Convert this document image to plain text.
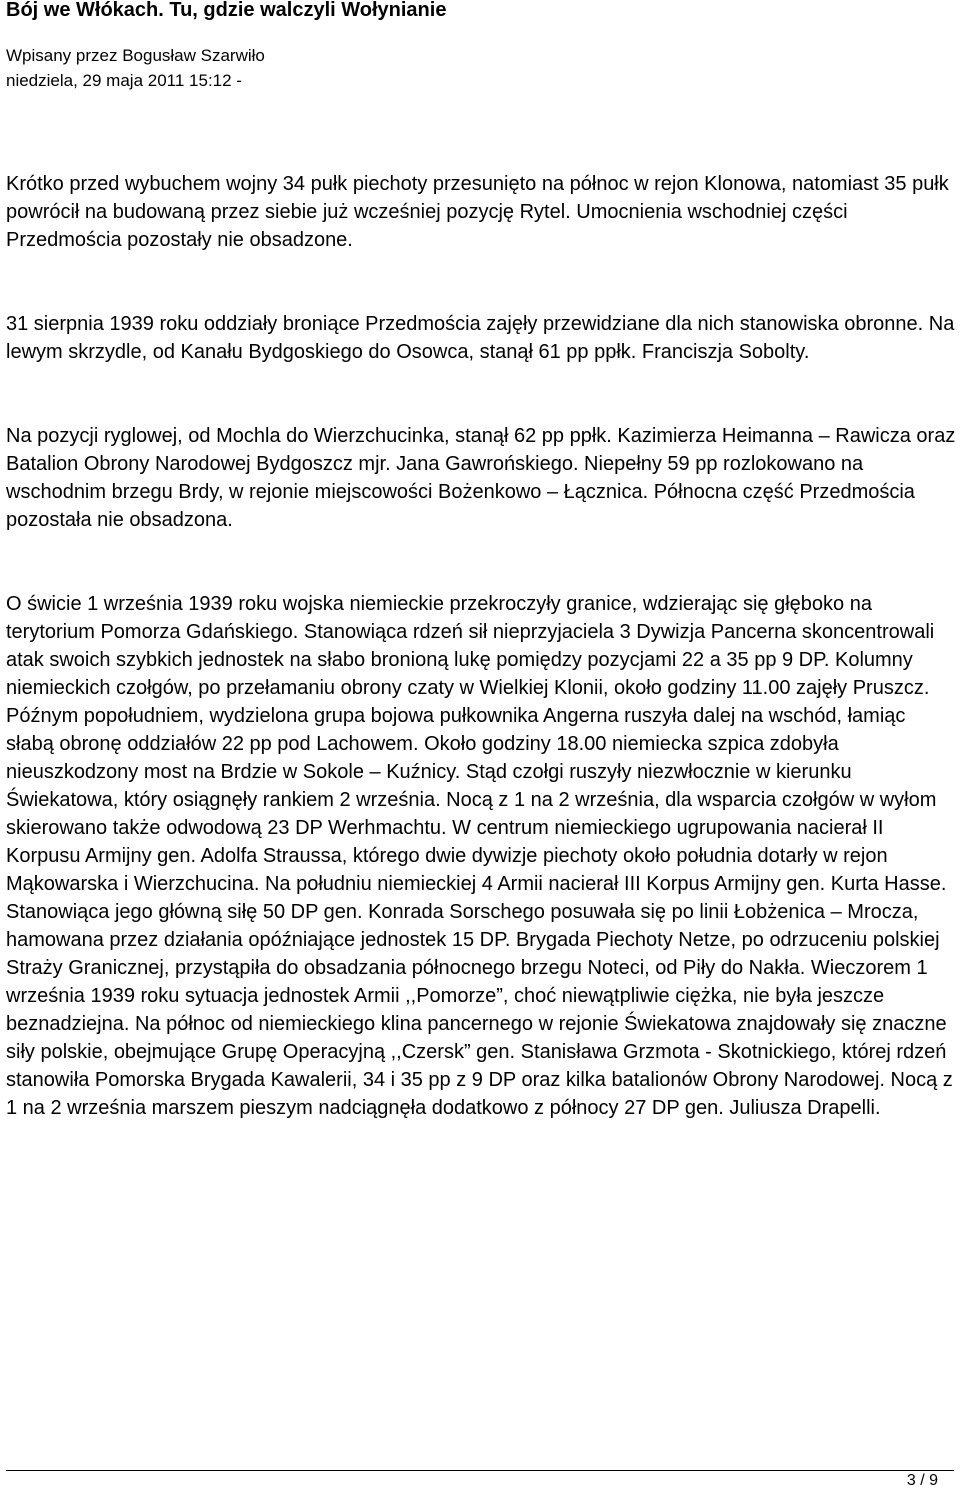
Bój we Włókach. Tu, gdzie walczyli Wołynianie
Wpisany przez Bogusław Szarwiło
niedziela, 29 maja 2011 15:12 -

Krótko przed wybuchem wojny 34 pułk piechoty przesunięto na północ w rejon Klonowa, natomiast 35 pułk powrócił na budowaną przez siebie już wcześniej pozycję Rytel. Umocnienia wschodniej części Przedmościa pozostały nie obsadzone.

31 sierpnia 1939 roku oddziały broniące Przedmościa zajęły przewidziane dla nich stanowiska obronne. Na lewym skrzydle, od Kanału Bydgoskiego do Osowca, stanął 61 pp ppłk. Franciszja Sobolty.

Na pozycji ryglowej, od Mochla do Wierzchucinka, stanął 62 pp ppłk. Kazimierza Heimanna – Rawicza oraz Batalion Obrony Narodowej Bydgoszcz mjr. Jana Gawrońskiego. Niepełny 59 pp rozlokowano na wschodnim brzegu Brdy, w rejonie miejscowości Bożenkowo – Łącznica. Północna część Przedmościa pozostała nie obsadzona.

O świcie 1 września 1939 roku wojska niemieckie przekroczyły granice, wdzierając się głęboko na terytorium Pomorza Gdańskiego. Stanowiąca rdzeń sił nieprzyjaciela 3 Dywizja Pancerna skoncentrowali atak swoich szybkich jednostek na słabo bronioną lukę pomiędzy pozycjami 22 a 35 pp 9 DP. Kolumny niemieckich czołgów, po przełamaniu obrony czaty w Wielkiej Klonii, około godziny 11.00 zajęły Pruszcz. Późnym popołudniem, wydzielona grupa bojowa pułkownika Angerna ruszyła dalej na wschód, łamiąc słabą obronę oddziałów 22 pp pod Lachowem. Około godziny 18.00 niemiecka szpica zdobyła nieuszkodzony most na Brdzie w Sokole – Kuźnicy. Stąd czołgi ruszyły niezwłocznie w kierunku Świekatowa, który osiągnęły rankiem 2 września. Nocą z 1 na 2 września, dla wsparcia czołgów w wyłom skierowano także odwodową 23 DP Werhmachtu. W centrum niemieckiego ugrupowania nacierał II Korpusu Armijny gen. Adolfa Straussa, którego dwie dywizje piechoty około południa dotarły w rejon Mąkowarska i Wierzchucina. Na południu niemieckiej 4 Armii nacierał III Korpus Armijny gen. Kurta Hasse. Stanowiąca jego główną siłę 50 DP gen. Konrada Sorschego posuwała się po linii Łobżenica – Mrocza, hamowana przez działania opóźniające jednostek 15 DP. Brygada Piechoty Netze, po odrzuceniu polskiej Straży Granicznej, przystąpiła do obsadzania północnego brzegu Noteci, od Piły do Nakła. Wieczorem 1 września 1939 roku sytuacja jednostek Armii ,,Pomorze”, choć niewątpliwie ciężka, nie była jeszcze beznadziejna. Na północ od niemieckiego klina pancernego w rejonie Świekatowa znajdowały się znaczne siły polskie, obejmujące Grupę Operacyjną ,,Czersk” gen. Stanisława Grzmota - Skotnickiego, której rdzeń stanowiła Pomorska Brygada Kawalerii, 34 i 35 pp z 9 DP oraz kilka batalionów Obrony Narodowej. Nocą z 1 na 2 września marszem pieszym nadciągnęła dodatkowo z północy 27 DP gen. Juliusza Drapelli.

3 / 9
